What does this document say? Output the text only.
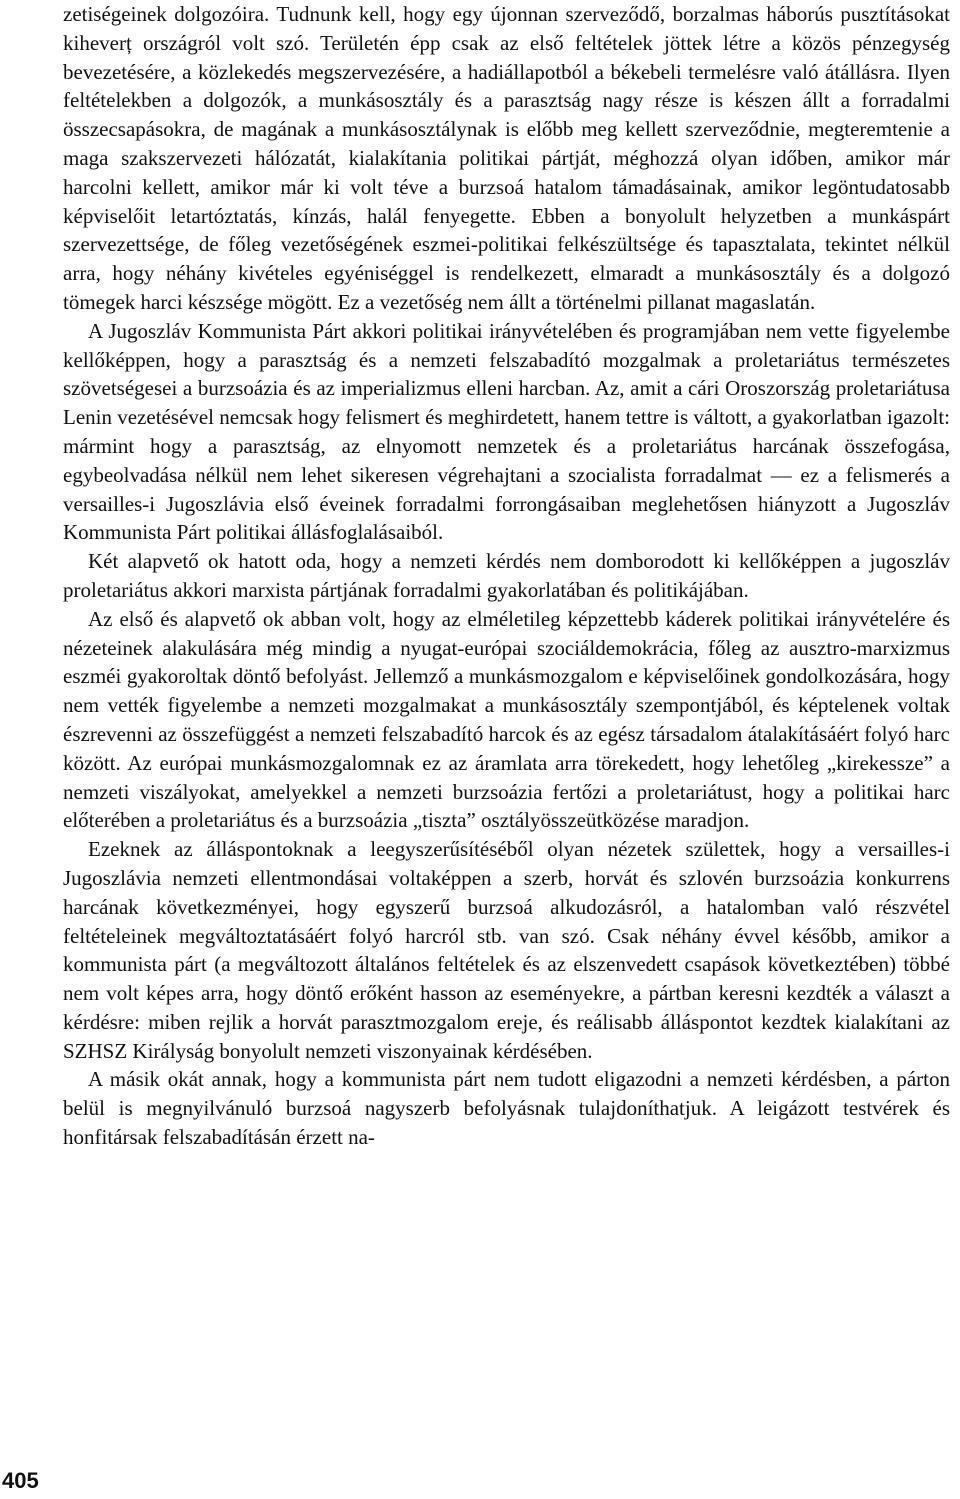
zetiségeinek dolgozóira. Tudnunk kell, hogy egy újonnan szerveződő, borzalmas háborús pusztításokat kiheverț országról volt szó. Területén épp csak az első feltételek jöttek létre a közös pénzegység bevezetésére, a közlekedés megszervezésére, a hadiállapotból a békebeli termelésre való átállásra. Ilyen feltételekben a dolgozók, a munkásosztály és a parasztság nagy része is készen állt a forradalmi összecsapásokra, de magának a munkásosztálynak is előbb meg kellett szerveződnie, megteremtenie a maga szakszervezeti hálózatát, kialakítania politikai pártját, méghozzá olyan időben, amikor már harcolni kellett, amikor már ki volt téve a burzsoá hatalom támadásainak, amikor legöntudatosabb képviselőit letartóztatás, kínzás, halál fenyegette. Ebben a bonyolult helyzetben a munkáspárt szervezettsége, de főleg vezetőségének eszmei-politikai felkészültsége és tapasztalata, tekintet nélkül arra, hogy néhány kivételes egyéniséggel is rendelkezett, elmaradt a munkásosztály és a dolgozó tömegek harci készsége mögött. Ez a vezetőség nem állt a történelmi pillanat magaslatán.

A Jugoszláv Kommunista Párt akkori politikai irányvételében és programjában nem vette figyelembe kellőképpen, hogy a parasztság és a nemzeti felszabadító mozgalmak a proletariátus természetes szövetségesei a burzsoázia és az imperializmus elleni harcban. Az, amit a cári Oroszország proletariátusa Lenin vezetésével nemcsak hogy felismert és meghirdetett, hanem tettre is váltott, a gyakorlatban igazolt: mármint hogy a parasztság, az elnyomott nemzetek és a proletariátus harcának összefogása, egybeolvadása nélkül nem lehet sikeresen végrehajtani a szocialista forradalmat — ez a felismerés a versailles-i Jugoszlávia első éveinek forradalmi forrongásaiban meglehetősen hiányzott a Jugoszláv Kommunista Párt politikai állásfoglalásaiból.

Két alapvető ok hatott oda, hogy a nemzeti kérdés nem domborodott ki kellőképpen a jugoszláv proletariátus akkori marxista pártjának forradalmi gyakorlatában és politikájában.

Az első és alapvető ok abban volt, hogy az elméletileg képzettebb káderek politikai irányvételére és nézeteinek alakulására még mindig a nyugat-európai szociáldemokrácia, főleg az ausztro-marxizmus eszméi gyakoroltak döntő befolyást. Jellemző a munkásmozgalom e képviselőinek gondolkozására, hogy nem vették figyelembe a nemzeti mozgalmakat a munkásosztály szempontjából, és képtelenek voltak észrevenni az összefüggést a nemzeti felszabadító harcok és az egész társadalom átalakításáért folyó harc között. Az európai munkásmozgalomnak ez az áramlata arra törekedett, hogy lehetőleg „kirekessze” a nemzeti viszályokat, amelyekkel a nemzeti burzsoázia fertőzi a proletariátust, hogy a politikai harc előterében a proletariátus és a burzsoázia „tiszta” osztályösszeütközése maradjon.

Ezeknek az álláspontoknak a leegyszerűsítéséből olyan nézetek születtek, hogy a versailles-i Jugoszlávia nemzeti ellentmondásai voltaképpen a szerb, horvát és szlovén burzsoázia konkurrens harcának következményei, hogy egyszerű burzsoá alkudozásról, a hatalomban való részvétel feltételeinek megváltoztatásáért folyó harcról stb. van szó. Csak néhány évvel később, amikor a kommunista párt (a megváltozott általános feltételek és az elszenvedett csapások következtében) többé nem volt képes arra, hogy döntő erőként hasson az eseményekre, a pártban keresni kezdték a választ a kérdésre: miben rejlik a horvát parasztmozgalom ereje, és reálisabb álláspontot kezdtek kialakítani az SZHSZ Királyság bonyolult nemzeti viszonyainak kérdésében.

A másik okát annak, hogy a kommunista párt nem tudott eligazodni a nemzeti kérdésben, a párton belül is megnyilvánuló burzsoá nagyszerb befolyásnak tulajdoníthatjuk. A leigázott testvérek és honfitársak felszabadításán érzett na-

405
